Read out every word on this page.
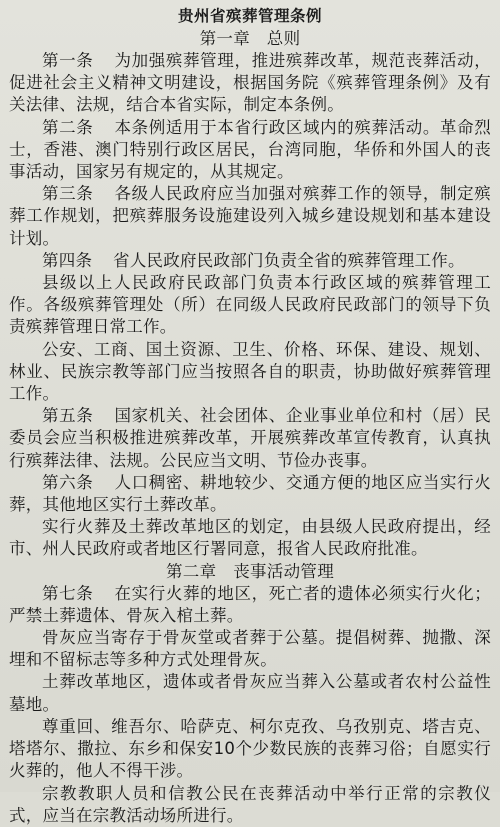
贵州省殡葬管理条例
第一章　总则

第一条　为加强殡葬管理，推进殡葬改革，规范丧葬活动，促进社会主义精神文明建设，根据国务院《殡葬管理条例》及有关法律、法规，结合本省实际，制定本条例。

第二条　本条例适用于本省行政区域内的殡葬活动。革命烈士，香港、澳门特别行政区居民，台湾同胞，华侨和外国人的丧事活动，国家另有规定的，从其规定。

第三条　各级人民政府应当加强对殡葬工作的领导，制定殡葬工作规划，把殡葬服务设施建设列入城乡建设规划和基本建设计划。

第四条　省人民政府民政部门负责全省的殡葬管理工作。

县级以上人民政府民政部门负责本行政区域的殡葬管理工作。各级殡葬管理处（所）在同级人民政府民政部门的领导下负责殡葬管理日常工作。

公安、工商、国土资源、卫生、价格、环保、建设、规划、林业、民族宗教等部门应当按照各自的职责，协助做好殡葬管理工作。

第五条　国家机关、社会团体、企业事业单位和村（居）民委员会应当积极推进殡葬改革，开展殡葬改革宣传教育，认真执行殡葬法律、法规。公民应当文明、节俭办丧事。

第六条　人口稠密、耕地较少、交通方便的地区应当实行火葬，其他地区实行土葬改革。

实行火葬及土葬改革地区的划定，由县级人民政府提出，经市、州人民政府或者地区行署同意，报省人民政府批准。

第二章　丧事活动管理

第七条　在实行火葬的地区，死亡者的遗体必须实行火化；严禁土葬遗体、骨灰入棺土葬。

骨灰应当寄存于骨灰堂或者葬于公墓。提倡树葬、抛撒、深埋和不留标志等多种方式处理骨灰。

土葬改革地区，遗体或者骨灰应当葬入公墓或者农村公益性墓地。

尊重回、维吾尔、哈萨克、柯尔克孜、乌孜别克、塔吉克、塔塔尔、撒拉、东乡和保安10个少数民族的丧葬习俗；自愿实行火葬的，他人不得干涉。

宗教教职人员和信教公民在丧葬活动中举行正常的宗教仪式，应当在宗教活动场所进行。
